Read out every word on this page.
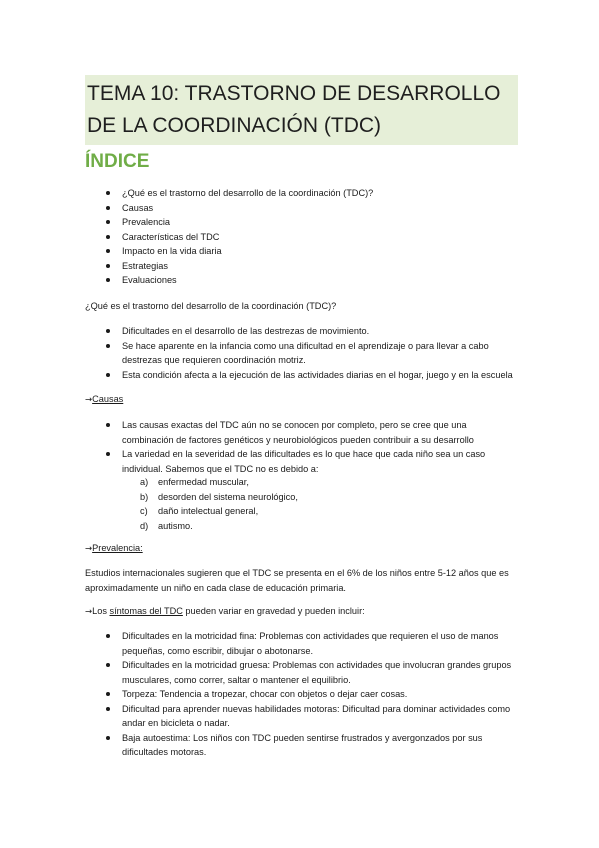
TEMA 10: TRASTORNO DE DESARROLLO DE LA COORDINACIÓN (TDC)
ÍNDICE
¿Qué es el trastorno del desarrollo de la coordinación (TDC)?
Causas
Prevalencia
Características del TDC
Impacto en la vida diaria
Estrategias
Evaluaciones

¿Qué es el trastorno del desarrollo de la coordinación (TDC)?

Dificultades en el desarrollo de las destrezas de movimiento.
Se hace aparente en la infancia como una dificultad en el aprendizaje o para llevar a cabo destrezas que requieren coordinación motriz.
Esta condición afecta a la ejecución de las actividades diarias en el hogar, juego y en la escuela

→Causas

Las causas exactas del TDC aún no se conocen por completo, pero se cree que una combinación de factores genéticos y neurobiológicos pueden contribuir a su desarrollo
La variedad en la severidad de las dificultades es lo que hace que cada niño sea un caso individual. Sabemos que el TDC no es debido a:
a) enfermedad muscular,
b) desorden del sistema neurológico,
c) daño intelectual general,
d) autismo.

→Prevalencia:

Estudios internacionales sugieren que el TDC se presenta en el 6% de los niños entre 5-12 años que es aproximadamente un niño en cada clase de educación primaria.

→Los síntomas del TDC pueden variar en gravedad y pueden incluir:

Dificultades en la motricidad fina: Problemas con actividades que requieren el uso de manos pequeñas, como escribir, dibujar o abotonarse.
Dificultades en la motricidad gruesa: Problemas con actividades que involucran grandes grupos musculares, como correr, saltar o mantener el equilibrio.
Torpeza: Tendencia a tropezar, chocar con objetos o dejar caer cosas.
Dificultad para aprender nuevas habilidades motoras: Dificultad para dominar actividades como andar en bicicleta o nadar.
Baja autoestima: Los niños con TDC pueden sentirse frustrados y avergonzados por sus dificultades motoras.
